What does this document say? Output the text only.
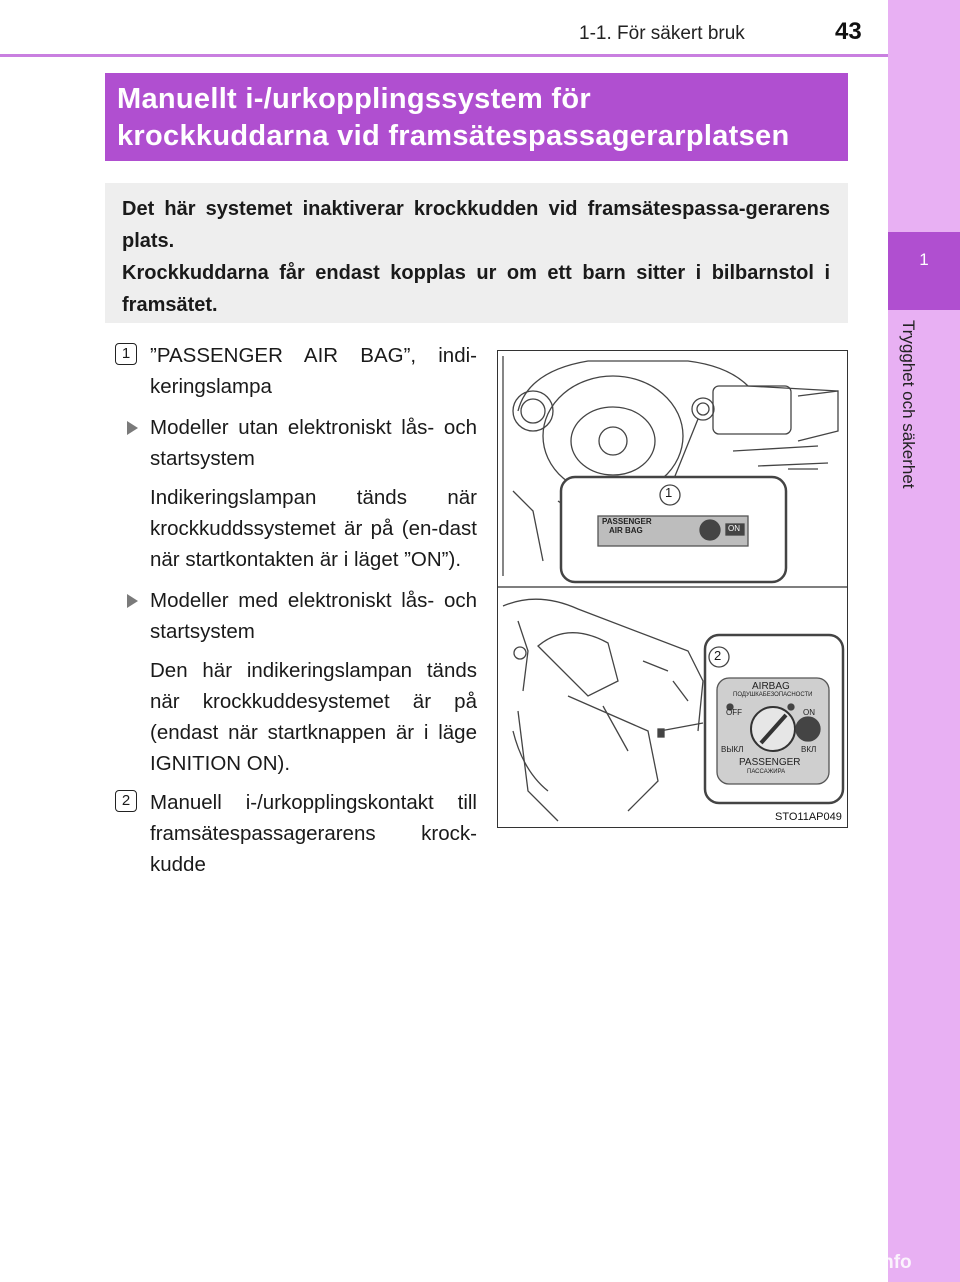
1
Trygghet och säkerhet
1-1. För säkert bruk	43
Manuellt i-/urkopplingssystem för
krockkuddarna vid framsätespassagerarplatsen

Det här systemet inaktiverar krockkudden vid framsätespassa-gerarens plats.

Krockkuddarna får endast kopplas ur om ett barn sitter i bilbarnstol i framsätet.

1 ”PASSENGER AIR BAG”, indi-keringslampa

Modeller utan elektroniskt lås- och startsystem

Indikeringslampan tänds när krockkuddssystemet är på (en-dast när startkontakten är i läget ”ON”).

Modeller med elektroniskt lås- och startsystem

Den här indikeringslampan tänds när krockkuddesystemet är på (endast när startknappen är i läge IGNITION ON).

2 Manuell i-/urkopplingskontakt till framsätespassagerarens krock-kudde

1
PASSENGER
AIR BAG	ON
2
AIRBAG
ПОДУШКАБЕЗОПАСНОСТИ
OFF	ON
ВЫКЛ	ВКЛ
PASSENGER
ПАССАЖИРА
STO11AP049
carmanualsonline.info
